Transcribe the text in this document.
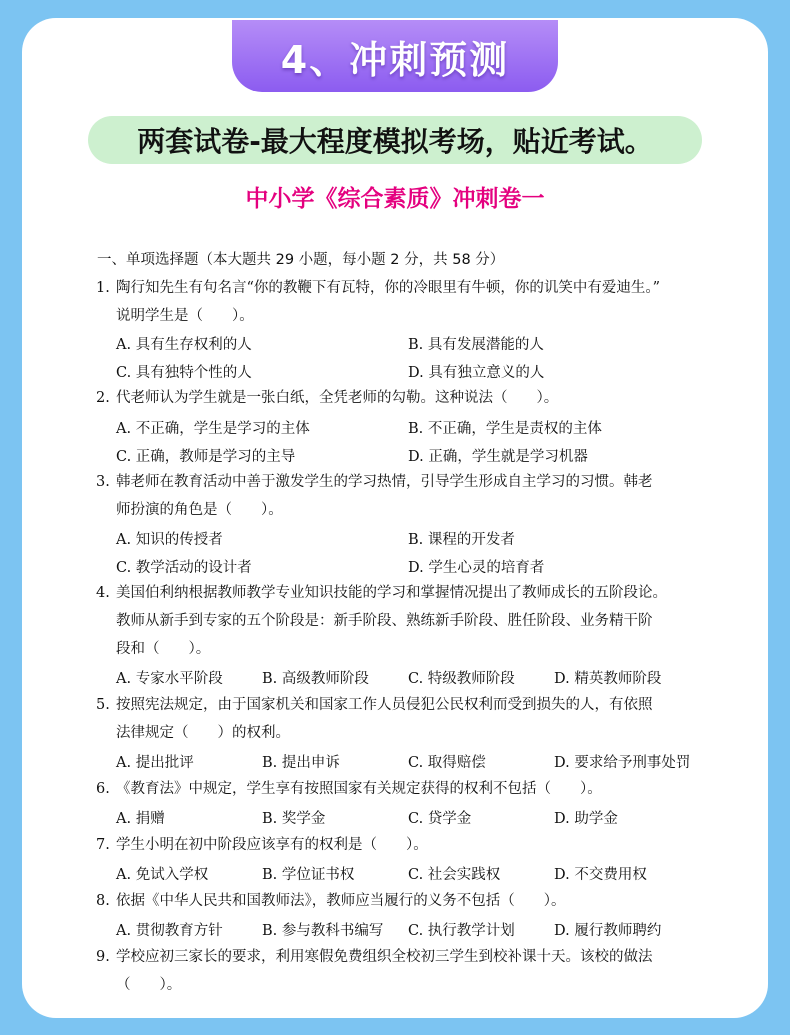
4、冲刺预测
两套试卷-最大程度模拟考场，贴近考试。
中小学《综合素质》冲刺卷一
一、单项选择题（本大题共 29 小题，每小题 2 分，共 58 分）
1. 陶行知先生有句名言“你的教鞭下有瓦特，你的冷眼里有牛顿，你的讥笑中有爱迪生。”
说明学生是（　　）。
A. 具有生存权利的人	B. 具有发展潜能的人
C. 具有独特个性的人	D. 具有独立意义的人
2. 代老师认为学生就是一张白纸，全凭老师的勾勒。这种说法（　　）。
A. 不正确，学生是学习的主体	B. 不正确，学生是责权的主体
C. 正确，教师是学习的主导	D. 正确，学生就是学习机器
3. 韩老师在教育活动中善于激发学生的学习热情，引导学生形成自主学习的习惯。韩老
师扮演的角色是（　　）。
A. 知识的传授者	B. 课程的开发者
C. 教学活动的设计者	D. 学生心灵的培育者
4. 美国伯利纳根据教师教学专业知识技能的学习和掌握情况提出了教师成长的五阶段论。
教师从新手到专家的五个阶段是：新手阶段、熟练新手阶段、胜任阶段、业务精干阶
段和（　　）。
A. 专家水平阶段	B. 高级教师阶段	C. 特级教师阶段	D. 精英教师阶段
5. 按照宪法规定，由于国家机关和国家工作人员侵犯公民权利而受到损失的人，有依照
法律规定（　　）的权利。
A. 提出批评	B. 提出申诉	C. 取得赔偿	D. 要求给予刑事处罚
6. 《教育法》中规定，学生享有按照国家有关规定获得的权利不包括（　　）。
A. 捐赠	B. 奖学金	C. 贷学金	D. 助学金
7. 学生小明在初中阶段应该享有的权利是（　　）。
A. 免试入学权	B. 学位证书权	C. 社会实践权	D. 不交费用权
8. 依据《中华人民共和国教师法》，教师应当履行的义务不包括（　　）。
A. 贯彻教育方针	B. 参与教科书编写 C. 执行教学计划	D. 履行教师聘约
9. 学校应初三家长的要求，利用寒假免费组织全校初三学生到校补课十天。该校的做法
（　　）。
